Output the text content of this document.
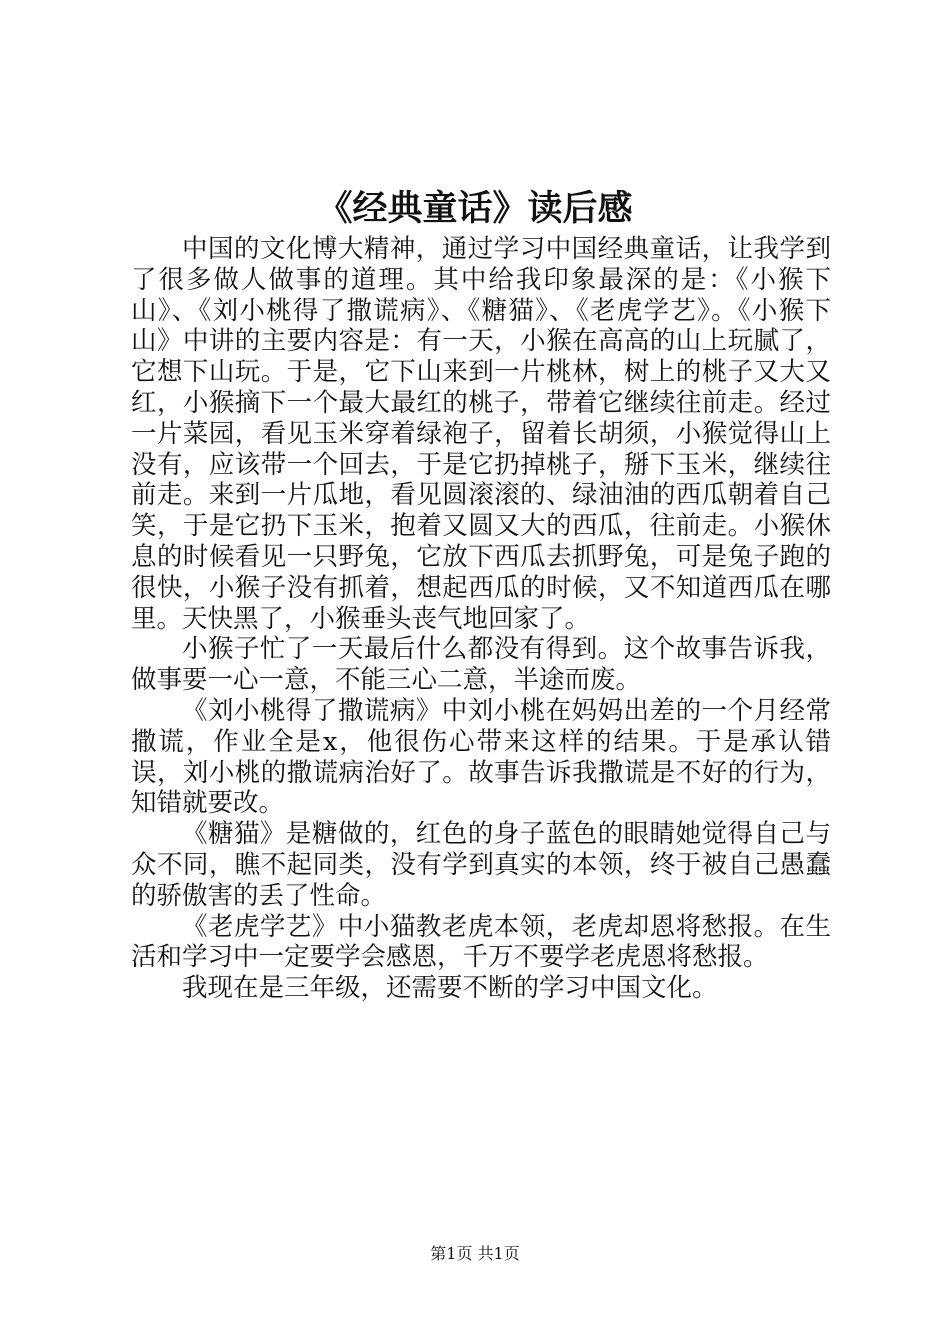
《经典童话》读后感

中国的文化博大精神，通过学习中国经典童话，让我学到了很多做人做事的道理。其中给我印象最深的是：《小猴下山》、《刘小桃得了撒谎病》、《糖猫》、《老虎学艺》。《小猴下山》中讲的主要内容是：有一天，小猴在高高的山上玩腻了，它想下山玩。于是，它下山来到一片桃林，树上的桃子又大又红，小猴摘下一个最大最红的桃子，带着它继续往前走。经过一片菜园，看见玉米穿着绿袍子，留着长胡须，小猴觉得山上没有，应该带一个回去，于是它扔掉桃子，掰下玉米，继续往前走。来到一片瓜地，看见圆滚滚的、绿油油的西瓜朝着自己笑，于是它扔下玉米，抱着又圆又大的西瓜，往前走。小猴休息的时候看见一只野兔，它放下西瓜去抓野兔，可是兔子跑的很快，小猴子没有抓着，想起西瓜的时候，又不知道西瓜在哪里。天快黑了，小猴垂头丧气地回家了。

小猴子忙了一天最后什么都没有得到。这个故事告诉我，做事要一心一意，不能三心二意，半途而废。

《刘小桃得了撒谎病》中刘小桃在妈妈出差的一个月经常撒谎，作业全是x，他很伤心带来这样的结果。于是承认错误，刘小桃的撒谎病治好了。故事告诉我撒谎是不好的行为，知错就要改。

《糖猫》是糖做的，红色的身子蓝色的眼睛她觉得自己与众不同，瞧不起同类，没有学到真实的本领，终于被自己愚蠢的骄傲害的丢了性命。

《老虎学艺》中小猫教老虎本领，老虎却恩将愁报。在生活和学习中一定要学会感恩，千万不要学老虎恩将愁报。

我现在是三年级，还需要不断的学习中国文化。

第1页 共1页
